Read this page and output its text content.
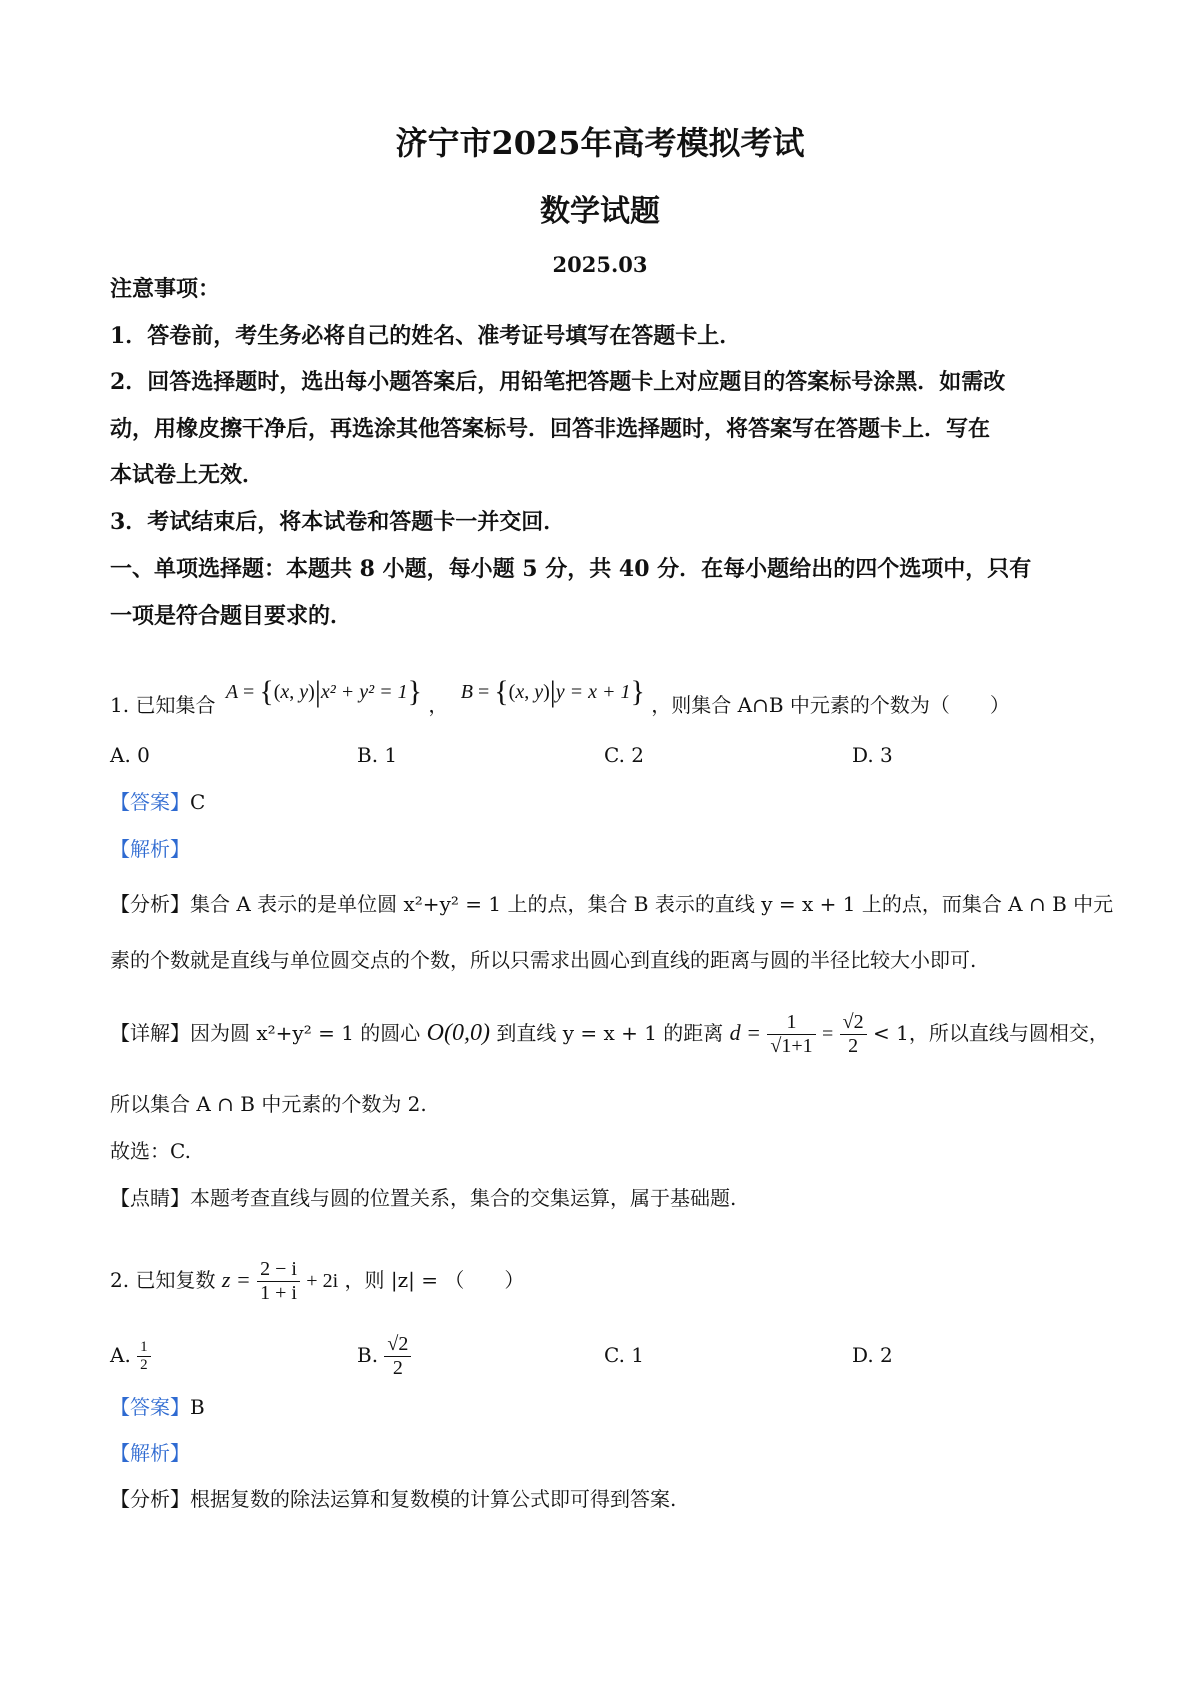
济宁市2025年高考模拟考试
数学试题
2025.03
注意事项：
1．答卷前，考生务必将自己的姓名、准考证号填写在答题卡上．
2．回答选择题时，选出每小题答案后，用铅笔把答题卡上对应题目的答案标号涂黑．如需改
动，用橡皮擦干净后，再选涂其他答案标号．回答非选择题时，将答案写在答题卡上．写在
本试卷上无效．
3．考试结束后，将本试卷和答题卡一并交回．
一、单项选择题：本题共 8 小题，每小题 5 分，共 40 分．在每小题给出的四个选项中，只有
一项是符合题目要求的．
1. 已知集合 A = {(x, y)|x² + y² = 1} ， B = {(x, y)|y = x + 1} ，则集合 A∩B 中元素的个数为（　　）
A. 0	B. 1	C. 2	D. 3
【答案】C
【解析】
【分析】集合 A 表示的是单位圆 x²+y² = 1 上的点，集合 B 表示的直线 y = x + 1 上的点，而集合 A ∩ B 中元
素的个数就是直线与单位圆交点的个数，所以只需求出圆心到直线的距离与圆的半径比较大小即可.
【详解】因为圆 x²+y² = 1 的圆心 O(0,0) 到直线 y = x + 1 的距离 $d = \frac{1}{√1+1} = \frac{√2}{2} < 1$，所以直线与圆相交，
所以集合 A ∩ B 中元素的个数为 2.
故选：C.
【点睛】本题考查直线与圆的位置关系，集合的交集运算，属于基础题.
2. 已知复数 $z = \frac{2 - i}{1 + i} + 2i$ ，则 |z| = （　　）
A. $\frac{1}{2}$	B. $\frac{√2}{2}$	C. 1	D. 2
【答案】B
【解析】
【分析】根据复数的除法运算和复数模的计算公式即可得到答案.
